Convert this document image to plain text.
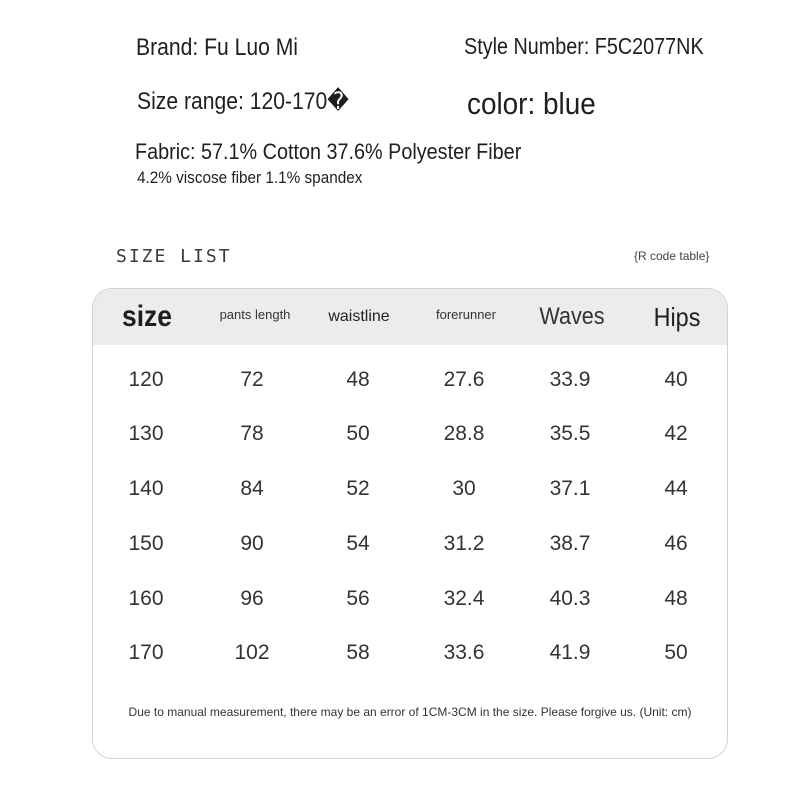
Brand: Fu Luo Mi	Style Number: F5C2077NK
Size range: 120-170�	color: blue
Fabric: 57.1% Cotton 37.6% Polyester Fiber
4.2% viscose fiber 1.1% spandex
SIZE LIST	{R code table}
size	pants length	waistline	forerunner	Waves	Hips
120	72	48	27.6	33.9	40
130	78	50	28.8	35.5	42
140	84	52	30	37.1	44
150	90	54	31.2	38.7	46
160	96	56	32.4	40.3	48
170	102	58	33.6	41.9	50
Due to manual measurement, there may be an error of 1CM-3CM in the size. Please forgive us. (Unit: cm)
